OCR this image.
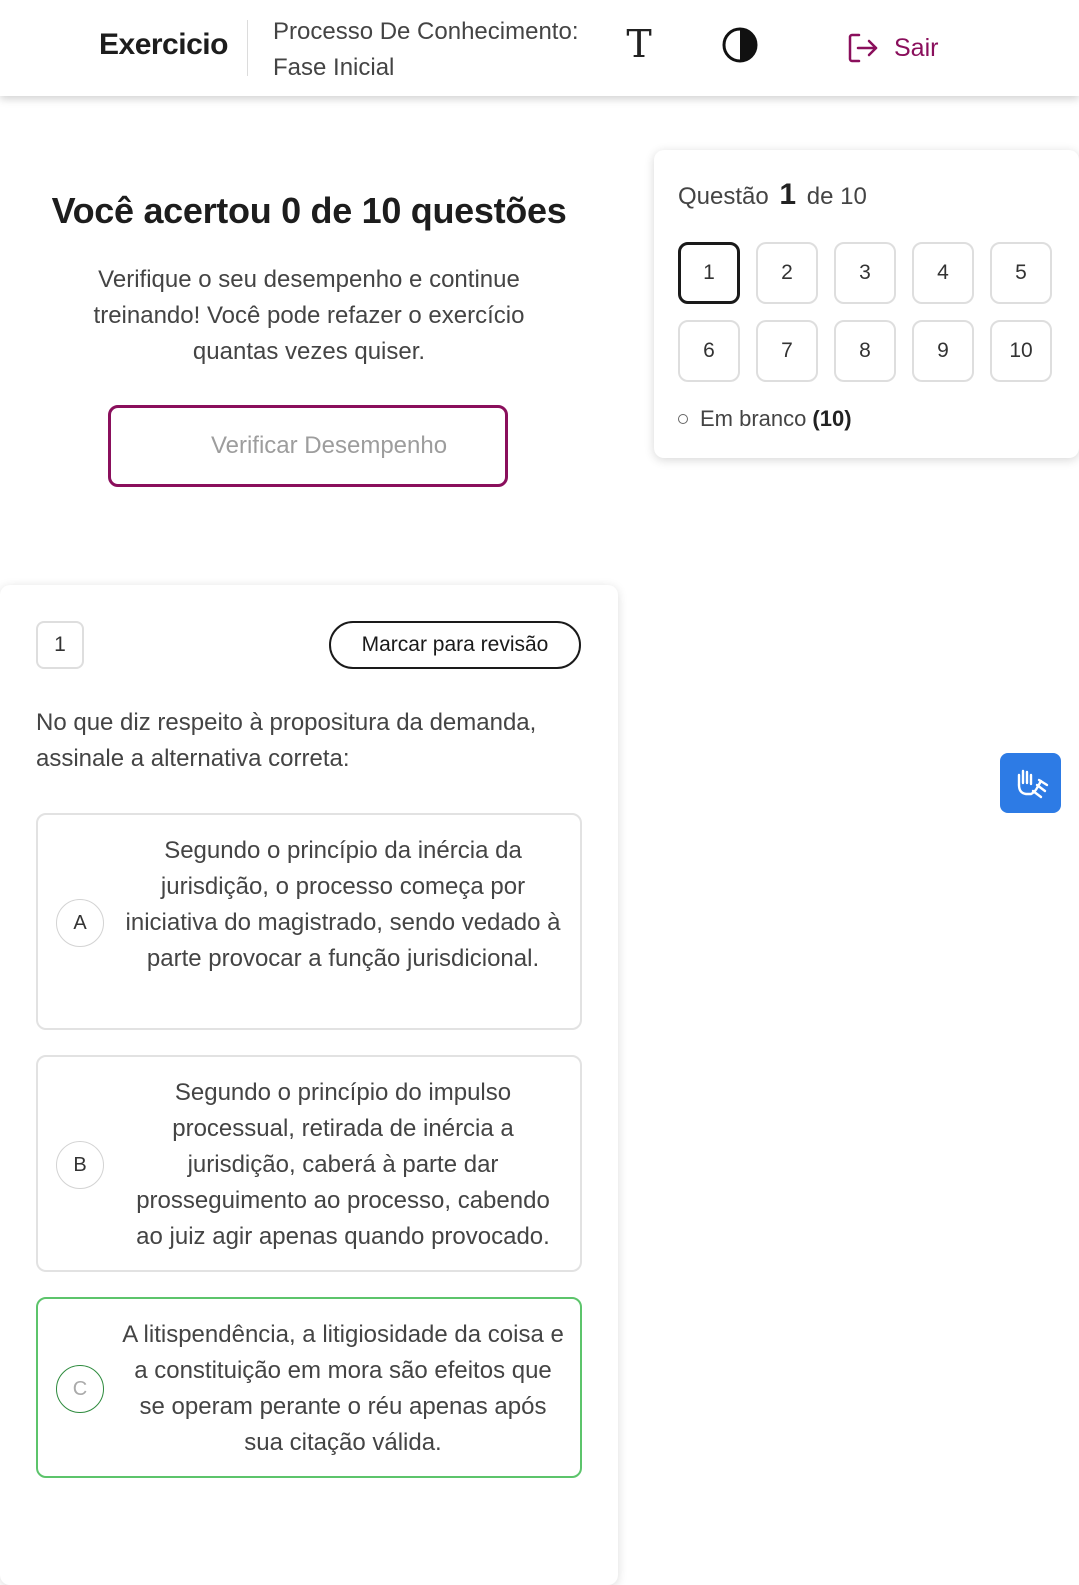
Exercicio Processo De Conhecimento:
Fase Inicial
T	Sair
Você acertou 0 de 10 questões
Verifique o seu desempenho e continue treinando! Você pode refazer o exercício quantas vezes quiser.
Verificar Desempenho
Questão 1 de 10
1	2	3	4	5
6	7	8	9	10
Em branco (10)
1	Marcar para revisão
No que diz respeito à propositura da demanda, assinale a alternativa correta:
A
Segundo o princípio da inércia da jurisdição, o processo começa por iniciativa do magistrado, sendo vedado à parte provocar a função jurisdicional.
B
Segundo o princípio do impulso processual, retirada de inércia a jurisdição, caberá à parte dar prosseguimento ao processo, cabendo ao juiz agir apenas quando provocado.
C
A litispendência, a litigiosidade da coisa e a constituição em mora são efeitos que se operam perante o réu apenas após sua citação válida.
